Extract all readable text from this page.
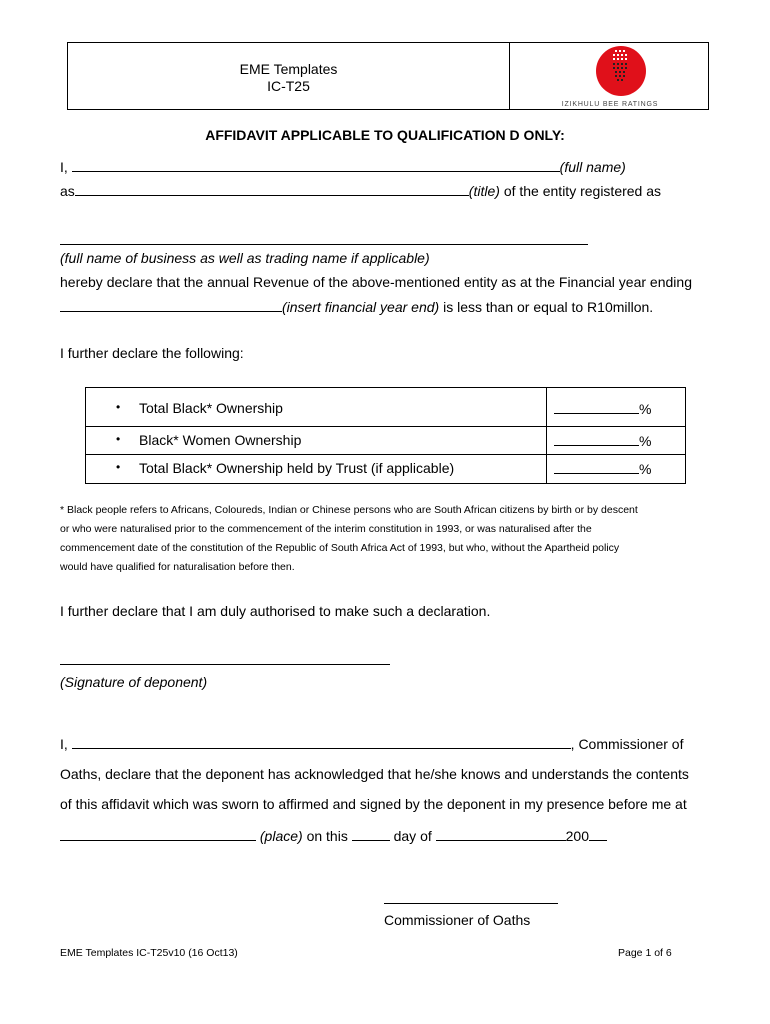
EME Templates
IC-T25
IZIKHULU BEE RATINGS
AFFIDAVIT APPLICABLE TO QUALIFICATION D ONLY:
I,	(full name)
as	(title) of the entity registered as
(full name of business as well as trading name if applicable)
hereby declare that the annual Revenue of the above-mentioned entity as at the Financial year ending
(insert financial year end) is less than or equal to R10millon.
I further declare the following:
• Total Black* Ownership	%
• Black* Women Ownership	%
• Total Black* Ownership held by Trust (if applicable)	%
* Black people refers to Africans, Coloureds, Indian or Chinese persons who are South African citizens by birth or by descent
or who were naturalised prior to the commencement of the interim constitution in 1993, or was naturalised after the
commencement date of the constitution of the Republic of South Africa Act of 1993, but who, without the Apartheid policy
would have qualified for naturalisation before then.
I further declare that I am duly authorised to make such a declaration.
(Signature of deponent)
I,	, Commissioner of
Oaths, declare that the deponent has acknowledged that he/she knows and understands the contents
of this affidavit which was sworn to affirmed and signed by the deponent in my presence before me at
(place) on this	day of	200
Commissioner of Oaths
EME Templates IC-T25v10 (16 Oct13)	Page 1 of 6
